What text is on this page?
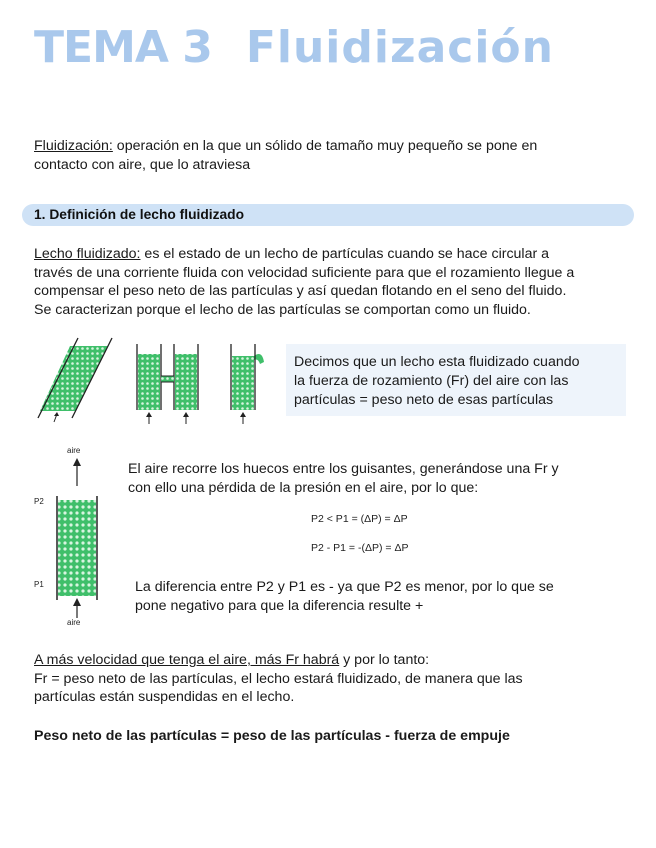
TEMA 3 Fluidización
Fluidización: operación en la que un sólido de tamaño muy pequeño se pone en
contacto con aire, que lo atraviesa
1. Definición de lecho fluidizado
Lecho fluidizado: es el estado de un lecho de partículas cuando se hace circular a
través de una corriente fluida con velocidad suficiente para que el rozamiento llegue a
compensar el peso neto de las partículas y así quedan flotando en el seno del fluido.
Se caracterizan porque el lecho de las partículas se comportan como un fluido.
Decimos que un lecho esta fluidizado cuando
la fuerza de rozamiento (Fr) del aire con las
partículas = peso neto de esas partículas
aire
P2
P1
aire
El aire recorre los huecos entre los guisantes, generándose una Fr y
con ello una pérdida de la presión en el aire, por lo que:
P2 < P1 = (ΔP) = ΔP
P2 - P1 = -(ΔP) = ΔP
La diferencia entre P2 y P1 es - ya que P2 es menor, por lo que se
pone negativo para que la diferencia resulte +
A más velocidad que tenga el aire, más Fr habrá y por lo tanto:
Fr = peso neto de las partículas, el lecho estará fluidizado, de manera que las
partículas están suspendidas en el lecho.
Peso neto de las partículas = peso de las partículas - fuerza de empuje
